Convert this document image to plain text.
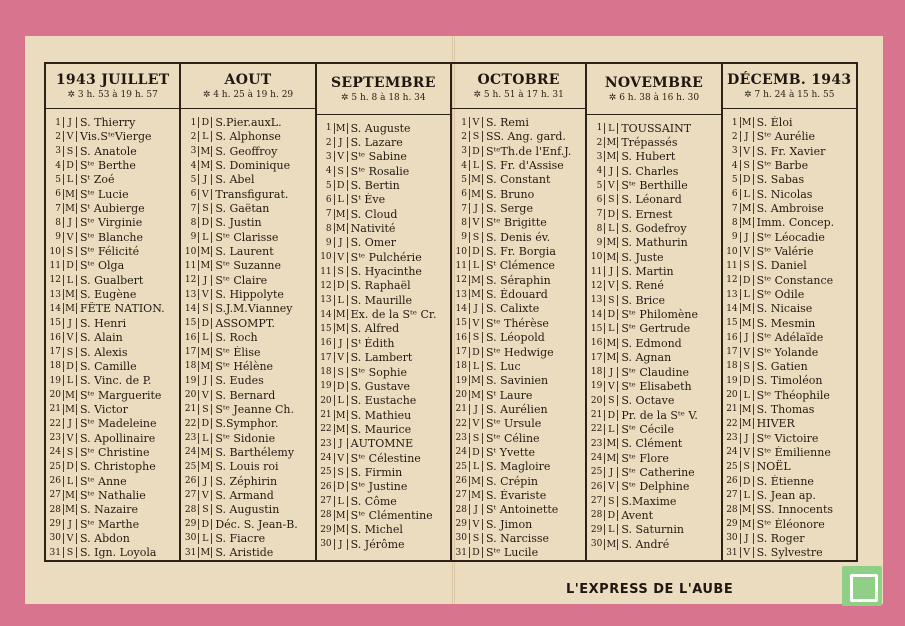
1943 JUILLET
✲ 3 h. 53 à 19 h. 57
1 J S. Thierry
2 V Vis.SᵗᵉVierge
3 S S. Anatole
4 D Sᵗᵉ Berthe
5 L Sᵗ Zoé
6 M Sᵗᵉ Lucie
7 M Sᵗ Aubierge
8 J Sᵗᵉ Virginie
9 V Sᵗᵉ Blanche
10 S Sᵗᵉ Félicité
11 D Sᵗᵉ Olga
12 L S. Gualbert
13 M S. Eugène
14 M FÊTE NATION.
15 J S. Henri
16 V S. Alain
17 S S. Alexis
18 D S. Camille
19 L S. Vinc. de P.
20 M Sᵗᵉ Marguerite
21 M S. Victor
22 J Sᵗᵉ Madeleine
23 V S. Apollinaire
24 S Sᵗᵉ Christine
25 D S. Christophe
26 L Sᵗᵉ Anne
27 M Sᵗᵉ Nathalie
28 M S. Nazaire
29 J Sᵗᵉ Marthe
30 V S. Abdon
31 S S. Ign. Loyola
AOUT
✲ 4 h. 25 à 19 h. 29
1 D S.Pier.auxL.
2 L S. Alphonse
3 M S. Geoffroy
4 M S. Dominique
5 J S. Abel
6 V Transfigurat.
7 S S. Gaëtan
8 D S. Justin
9 L Sᵗᵉ Clarisse
10 M S. Laurent
11 M Sᵗᵉ Suzanne
12 J Sᵗᵉ Claire
13 V S. Hippolyte
14 S S.J.M.Vianney
15 D ASSOMPT.
16 L S. Roch
17 M Sᵗᵉ Élise
18 M Sᵗᵉ Hélène
19 J S. Eudes
20 V S. Bernard
21 S Sᵗᵉ Jeanne Ch.
22 D S.Symphor.
23 L Sᵗᵉ Sidonie
24 M S. Barthélemy
25 M S. Louis roi
26 J S. Zéphirin
27 V S. Armand
28 S S. Augustin
29 D Déc. S. Jean-B.
30 L S. Fiacre
31 M S. Aristide
SEPTEMBRE
✲ 5 h. 8 à 18 h. 34
1 M S. Auguste
2 J S. Lazare
3 V Sᵗᵉ Sabine
4 S Sᵗᵉ Rosalie
5 D S. Bertin
6 L Sᵗ Ève
7 M S. Cloud
8 M Nativité
9 J S. Omer
10 V Sᵗᵉ Pulchérie
11 S S. Hyacinthe
12 D S. Raphaël
13 L S. Maurille
14 M Ex. de la Sᵗᵉ Cr.
15 M S. Alfred
16 J Sᵗ Édith
17 V S. Lambert
18 S Sᵗᵉ Sophie
19 D S. Gustave
20 L S. Eustache
21 M S. Mathieu
22 M S. Maurice
23 J AUTOMNE
24 V Sᵗᵉ Célestine
25 S S. Firmin
26 D Sᵗᵉ Justine
27 L S. Côme
28 M Sᵗᵉ Clémentine
29 M S. Michel
30 J S. Jérôme
OCTOBRE
✲ 5 h. 51 à 17 h. 31
1 V S. Remi
2 S SS. Ang. gard.
3 D SᵗᵉTh.de l'Enf.J.
4 L S. Fr. d'Assise
5 M S. Constant
6 M S. Bruno
7 J S. Serge
8 V Sᵗᵉ Brigitte
9 S S. Denis év.
10 D S. Fr. Borgia
11 L Sᵗ Clémence
12 M S. Séraphin
13 M S. Édouard
14 J S. Calixte
15 V Sᵗᵉ Thérèse
16 S S. Léopold
17 D Sᵗᵉ Hedwige
18 L S. Luc
19 M S. Savinien
20 M Sᵗ Laure
21 J S. Aurélien
22 V Sᵗᵉ Ursule
23 S Sᵗᵉ Céline
24 D Sᵗ Yvette
25 L S. Magloire
26 M S. Crépin
27 M S. Évariste
28 J Sᵗ Antoinette
29 V S. Jimon
30 S S. Narcisse
31 D Sᵗᵉ Lucile
NOVEMBRE
✲ 6 h. 38 à 16 h. 30
1 L TOUSSAINT
2 M Trépassés
3 M S. Hubert
4 J S. Charles
5 V Sᵗᵉ Berthille
6 S S. Léonard
7 D S. Ernest
8 L S. Godefroy
9 M S. Mathurin
10 M S. Juste
11 J S. Martin
12 V S. René
13 S S. Brice
14 D Sᵗᵉ Philomène
15 L Sᵗᵉ Gertrude
16 M S. Edmond
17 M S. Agnan
18 J Sᵗᵉ Claudine
19 V Sᵗᵉ Elisabeth
20 S S. Octave
21 D Pr. de la Sᵗᵉ V.
22 L Sᵗᵉ Cécile
23 M S. Clément
24 M Sᵗᵉ Flore
25 J Sᵗᵉ Catherine
26 V Sᵗᵉ Delphine
27 S S.Maxime
28 D Avent
29 L S. Saturnin
30 M S. André
DÉCEMB. 1943
✲ 7 h. 24 à 15 h. 55
1 M S. Éloi
2 J Sᵗᵉ Aurélie
3 V S. Fr. Xavier
4 S Sᵗᵉ Barbe
5 D S. Sabas
6 L S. Nicolas
7 M S. Ambroise
8 M Imm. Concep.
9 J Sᵗᵉ Léocadie
10 V Sᵗᵉ Valérie
11 S S. Daniel
12 D Sᵗᵉ Constance
13 L Sᵗᵉ Odile
14 M S. Nicaise
15 M S. Mesmin
16 J Sᵗᵉ Adélaïde
17 V Sᵗᵉ Yolande
18 S S. Gatien
19 D S. Timoléon
20 L Sᵗᵉ Théophile
21 M S. Thomas
22 M HIVER
23 J Sᵗᵉ Victoire
24 V Sᵗᵉ Émilienne
25 S NOËL
26 D S. Étienne
27 L S. Jean ap.
28 M SS. Innocents
29 M Sᵗᵉ Éléonore
30 J S. Roger
31 V S. Sylvestre
L'EXPRESS DE L'AUBE
